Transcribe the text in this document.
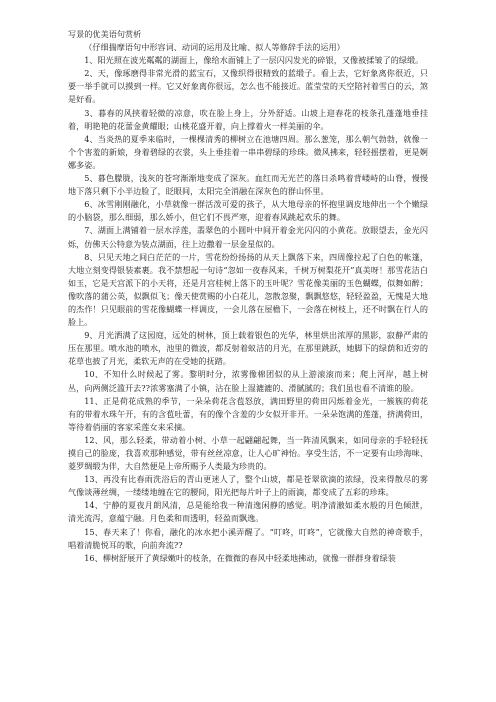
写景的优美语句赏析

（仔细揣摩语句中形容词、动词的运用及比喻、拟人等修辞手法的运用）

1、阳光照在波光粼粼的湖面上，像给水面铺上了一层闪闪发光的碎银，又像被揉皱了的绿缎。

2、天，像琢磨得非常光滑的蓝宝石，又像织得很精致的蓝缎子。看上去，它好象离你很近，只要一举手就可以摸到一样。它又好象离你很远，怎么也不能接近。蓝莹莹的天空陪衬着雪白的云，煞是好看。

3、暮春的风挟着轻微的凉意，吹在脸上身上，分外舒适。山坡上迎春花的枝条孔蓬蓬地垂挂着，明艳艳的花蕾金黄耀眼；山桃花盛开着，向上撑着火一样美丽的伞。

4、当炎热的夏季来临时，一棵棵清秀的柳树立在池塘四周。那么葱笼，那么朝气勃勃，就像一个个害羞的新娘，身着碧绿的衣裳，头上垂挂着一串串碧绿的珍珠。微风拂来，轻轻摇摆着，更是婀娜多姿。

5、暮色朦胧，浅灰的苍穹渐渐地变成了深灰。血红而无光芒的落日杀鸣着背嵝峙的山脊，慢慢地下落只剩下小半边脸了，眨眼间，太阳完全消融在深灰色的群山怀里。

6、冰雪刚刚融化，小草就像一群活泼可爱的孩子，从大地母亲的怀抱里调皮地伸出一个个嫩绿的小脑袋，那么细弱，那么娇小，但它们不畏严寒，迎着春风跳起欢乐的舞。

7、湖面上满铺着一层水浮莲，翡翠色的小圆叶中间开着金光闪闪的小黄花。放眼望去，金光闪烁，仿佛天公特意为装点湖面，往上边撒着一层金星似的。

8、只见天地之间白茫茫的一片，雪花纷纷扬扬的从天上飘落下来，四周像拉起了白色的帐篷，大地立刻变得银装素裹。我不禁想起一句诗“忽如一夜春风来，千树万树梨花开”真美呀！那雪花洁白如玉，它是天宫派下的小天将，还是月宫桂树上落下的玉叶呢？雪花像美丽的玉色蝴蝶，似舞如醉；像吹落的蒲公英，似飘似飞；像天使赏赐的小白花儿，忽散忽聚，飘飘悠悠，轻轻盈盈，无愧是大地的杰作！只见眼前的雪花像蝴蝶一样调皮，一会儿落在屋檐下，一会落在树枝上，还不时飘在行人的脸上。

9、月光洒满了这园庭，远处的树林，顶上载着银色的光华，林里烘出浓厚的黑影，寂静严肃的压在那里。喷水池的喷水，池里的微波，都反射着蚁洁的月光，在那里跳跃，她脚下的绿荫和近旁的花草也披了月光，柔软无声的在受她的抚踏。

10、不知什么时候起了雾。黎明时分，浓雾像棉团似的从上游滚滚而来；爬上河岸，越上树丛，向两侧泛滥开去??浓雾塞满了小镇，沾在脸上湿漉漉的、滑腻腻的；我们虽也看不清谁的脸。

11、正是荷花成熟的季节，一朵朵荷花含苞怒放，满田野里的荷田闪烁着金光，一簇簇的荷花有的带着水珠午开，有的含苞吐蕾，有的像个含羞的少女似开非开。一朵朵饱满的莲蓬，挤满荷田，等待着俏丽的客家采莲女来采摘。

12、风，那么轻柔，带动着小树、小草一起翩翩起舞，当一阵清风飘来，如同母亲的手轻轻抚摸自己的脸庞，我喜欢那种感觉，带有丝丝凉意，让人心旷神怡。享受生活，不一定要有山珍海味、菱罗绸缎为伴，大自然便是上帝所赐予人类最为珍贵的。

13、再没有比春雨洗浴后的青山更迷人了，整个山坡，都是苍翠欲滴的浓绿，没来得散尽的雾气像谈薄丝绸，一缕缕地缠在它的腰间，阳光把每片叶子上的雨滴，都变成了五彩的珍珠。

14、宁静的夏夜月朗风清，总是能给我一种清逸闲静的感觉。明净清澈如柔水般的月色倾泄，清光流泻，意蕴宁融。月色柔和而透明，轻盈而飘逸。

15、春天来了！你看，融化的冰水把小溪弄醒了。“叮咚，叮咚”，它就像大自然的神奇歌手，唱着清脆悦耳的歌，向前奔流??

16、柳树舒展开了黄绿嫩叶的枝条，在微微的春风中轻柔地拂动，就像一群群身着绿装
